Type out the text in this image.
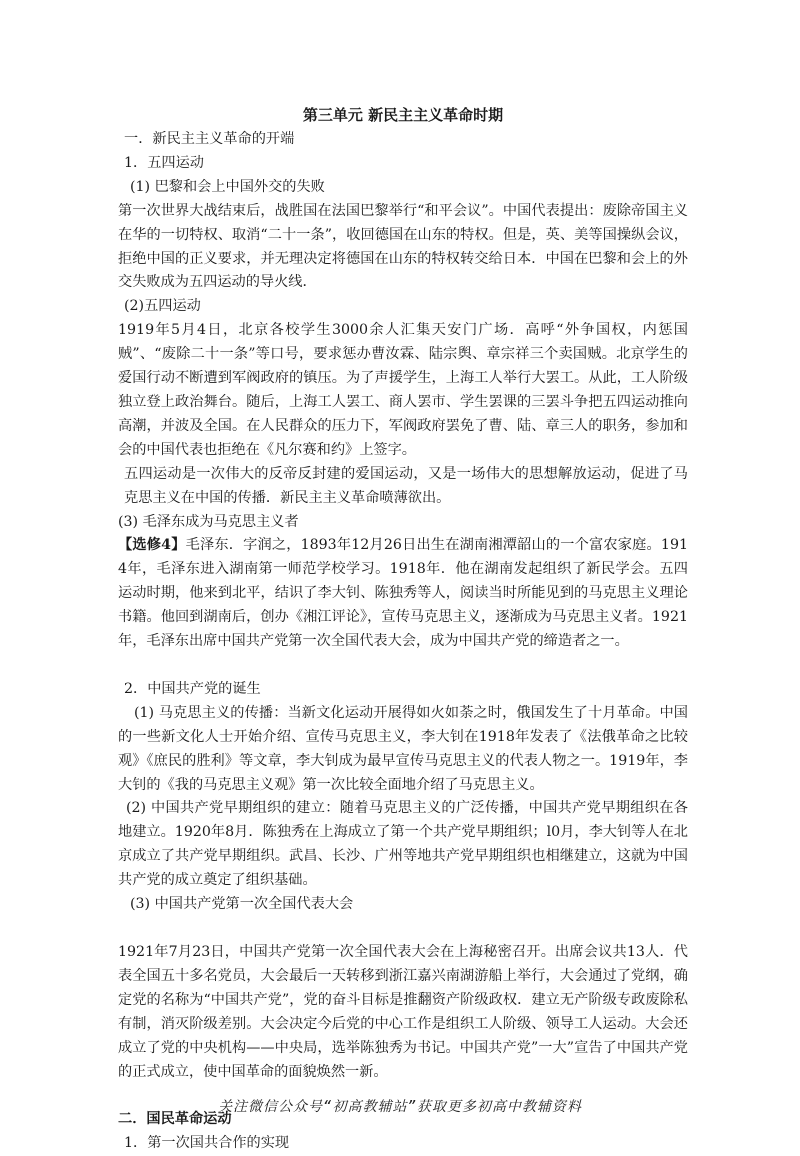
第三单元 新民主主义革命时期

一．新民主主义革命的开端

1．五四运动

(1) 巴黎和会上中国外交的失败

第一次世界大战结束后，战胜国在法国巴黎举行“和平会议”。中国代表提出：废除帝国主义在华的一切特权、取消“二十一条”，收回德国在山东的特权。但是，英、美等国操纵会议，拒绝中国的正义要求，并无理决定将德国在山东的特权转交给日本．中国在巴黎和会上的外交失败成为五四运动的导火线．

(2)五四运动

1919年5月4日，北京各校学生3000余人汇集天安门广场．高呼“外争国权，内惩国贼”、“废除二十一条”等口号，要求惩办曹汝霖、陆宗舆、章宗祥三个卖国贼。北京学生的爱国行动不断遭到军阀政府的镇压。为了声援学生，上海工人举行大罢工。从此，工人阶级独立登上政治舞台。随后，上海工人罢工、商人罢市、学生罢课的三罢斗争把五四运动推向高潮，并波及全国。在人民群众的压力下，军阀政府罢免了曹、陆、章三人的职务，参加和会的中国代表也拒绝在《凡尔赛和约》上签字。

五四运动是一次伟大的反帝反封建的爱国运动，又是一场伟大的思想解放运动，促进了马克思主义在中国的传播．新民主主义革命喷薄欲出。

(3) 毛泽东成为马克思主义者

【选修4】毛泽东．字润之，1893年12月26日出生在湖南湘潭韶山的一个富农家庭。1914年，毛泽东进入湖南第一师范学校学习。1918年．他在湖南发起组织了新民学会。五四运动时期，他来到北平，结识了李大钊、陈独秀等人，阅读当时所能见到的马克思主义理论书籍。他回到湖南后，创办《湘江评论》，宣传马克思主义，逐渐成为马克思主义者。1921年，毛泽东出席中国共产党第一次全国代表大会，成为中国共产党的缔造者之一。

2．中国共产党的诞生

(1) 马克思主义的传播：当新文化运动开展得如火如荼之时，俄国发生了十月革命。中国的一些新文化人士开始介绍、宣传马克思主义，李大钊在1918年发表了《法俄革命之比较观》《庶民的胜利》等文章，李大钊成为最早宣传马克思主义的代表人物之一。1919年，李大钊的《我的马克思主义观》第一次比较全面地介绍了马克思主义。

(2) 中国共产党早期组织的建立：随着马克思主义的广泛传播，中国共产党早期组织在各地建立。1920年8月．陈独秀在上海成立了第一个共产党早期组织；l0月，李大钊等人在北京成立了共产党早期组织。武昌、长沙、广州等地共产党早期组织也相继建立，这就为中国共产党的成立奠定了组织基础。

(3) 中国共产党第一次全国代表大会

1921年7月23日，中国共产党第一次全国代表大会在上海秘密召开。出席会议共13人．代表全国五十多名党员，大会最后一天转移到浙江嘉兴南湖游船上举行，大会通过了党纲，确定党的名称为“中国共产党”，党的奋斗目标是推翻资产阶级政权．建立无产阶级专政废除私有制，消灭阶级差别。大会决定今后党的中心工作是组织工人阶级、领导工人运动。大会还成立了党的中央机构——中央局，选举陈独秀为书记。中国共产党”一大”宣告了中国共产党的正式成立，使中国革命的面貌焕然一新。

二．国民革命运动

1．第一次国共合作的实现

关注微信公众号“初高教辅站”获取更多初高中教辅资料
